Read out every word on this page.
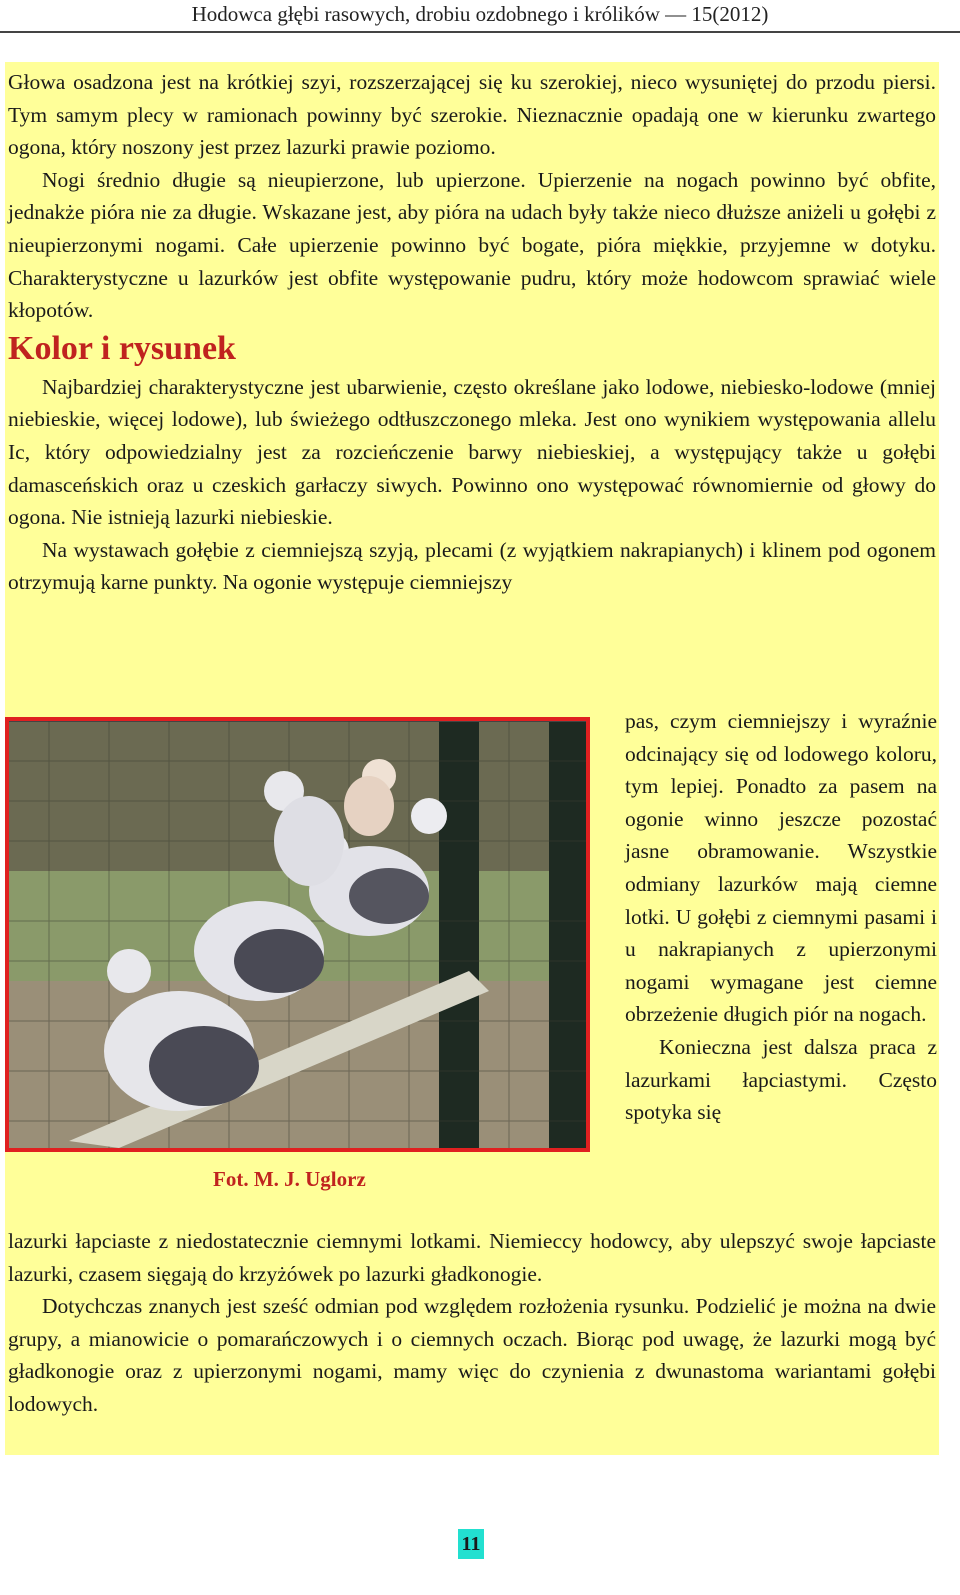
Hodowca głębi rasowych, drobiu ozdobnego i królików — 15(2012)

Głowa osadzona jest na krótkiej szyi, rozszerzającej się ku szerokiej, nieco wysuniętej do przodu piersi. Tym samym plecy w ramionach powinny być szerokie. Nieznacznie opadają one w kierunku zwartego ogona, który noszony jest przez lazurki prawie poziomo.

Nogi średnio długie są nieupierzone, lub upierzone. Upierzenie na nogach powinno być obfite, jednakże pióra nie za długie. Wskazane jest, aby pióra na udach były także nieco dłuższe aniżeli u gołębi z nieupierzonymi nogami. Całe upierzenie powinno być bogate, pióra miękkie, przyjemne w dotyku. Charakterystyczne u lazurków jest obfite występowanie pudru, który może hodowcom sprawiać wiele kłopotów.

Kolor i rysunek

Najbardziej charakterystyczne jest ubarwienie, często określane jako lodowe, niebiesko-lodowe (mniej niebieskie, więcej lodowe), lub świeżego odtłuszczonego mleka. Jest ono wynikiem występowania allelu Ic, który odpowiedzialny jest za rozcieńczenie barwy niebieskiej, a występujący także u gołębi damasceńskich oraz u czeskich garłaczy siwych. Powinno ono występować równomiernie od głowy do ogona. Nie istnieją lazurki niebieskie.

Na wystawach gołębie z ciemniejszą szyją, plecami (z wyjątkiem nakrapianych) i klinem pod ogonem otrzymują karne punkty. Na ogonie występuje ciemniejszy

Fot. M. J. Uglorz

pas, czym ciemniejszy i wyraźnie odcinający się od lodowego koloru, tym lepiej. Ponadto za pasem na ogonie winno jeszcze pozostać jasne obramowanie. Wszystkie odmiany lazurków mają ciemne lotki. U gołębi z ciemnymi pasami i u nakrapianych z upierzonymi nogami wymagane jest ciemne obrzeżenie długich piór na nogach.

Konieczna jest dalsza praca z lazurkami łapciastymi. Często spotyka się

lazurki łapciaste z niedostatecznie ciemnymi lotkami. Niemieccy hodowcy, aby ulepszyć swoje łapciaste lazurki, czasem sięgają do krzyżówek po lazurki gładkonogie.

Dotychczas znanych jest sześć odmian pod względem rozłożenia rysunku. Podzielić je można na dwie grupy, a mianowicie o pomarańczowych i o ciemnych oczach. Biorąc pod uwagę, że lazurki mogą być gładkonogie oraz z upierzonymi nogami, mamy więc do czynienia z dwunastoma wariantami gołębi lodowych.

11
